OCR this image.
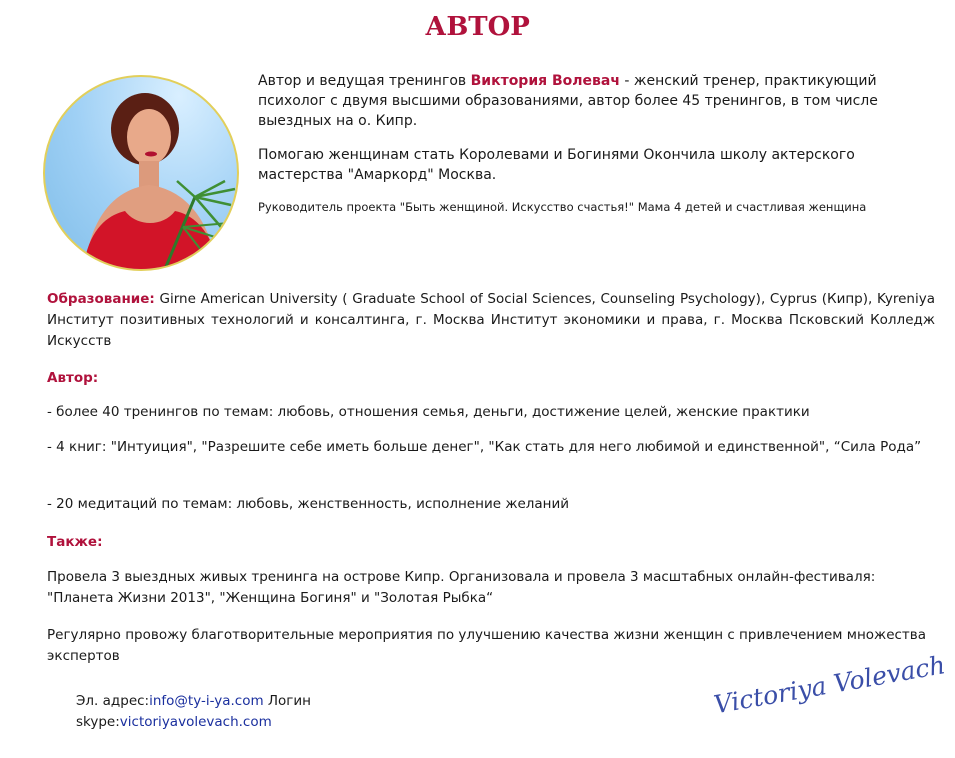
АВТОР

Автор и ведущая тренингов Виктория Волевач - женский тренер, практикующий психолог с двумя высшими образованиями, автор более 45 тренингов, в том числе выездных на о. Кипр.

Помогаю женщинам стать Королевами и Богинями Окончила школу актерского мастерства "Амаркорд" Москва.

Руководитель проекта "Быть женщиной. Искусство счастья!" Мама 4 детей и счастливая женщина

Образование: Girne American University ( Graduate School of Social Sciences, Counseling Psychology), Cyprus (Кипр), Kyreniya Институт позитивных технологий и консалтинга, г. Москва Институт экономики и права, г. Москва Псковский Колледж Искусств
Автор:
- более 40 тренингов по темам: любовь, отношения семья, деньги, достижение целей, женские практики
- 4 книг: "Интуиция", "Разрешите себе иметь больше денег", "Как стать для него любимой и единственной", “Сила Рода”
- 20 медитаций по темам: любовь, женственность, исполнение желаний
Также:
Провела 3 выездных живых тренинга на острове Кипр. Организовала и провела 3 масштабных онлайн-фестиваля: "Планета Жизни 2013", "Женщина Богиня" и "Золотая Рыбка“
Регулярно провожу благотворительные мероприятия по улучшению качества жизни женщин с привлечением множества экспертов
Эл. адрес:info@ty-i-ya.com Логин
skype:victoriyavolevach.com
Victoriya Volevach
